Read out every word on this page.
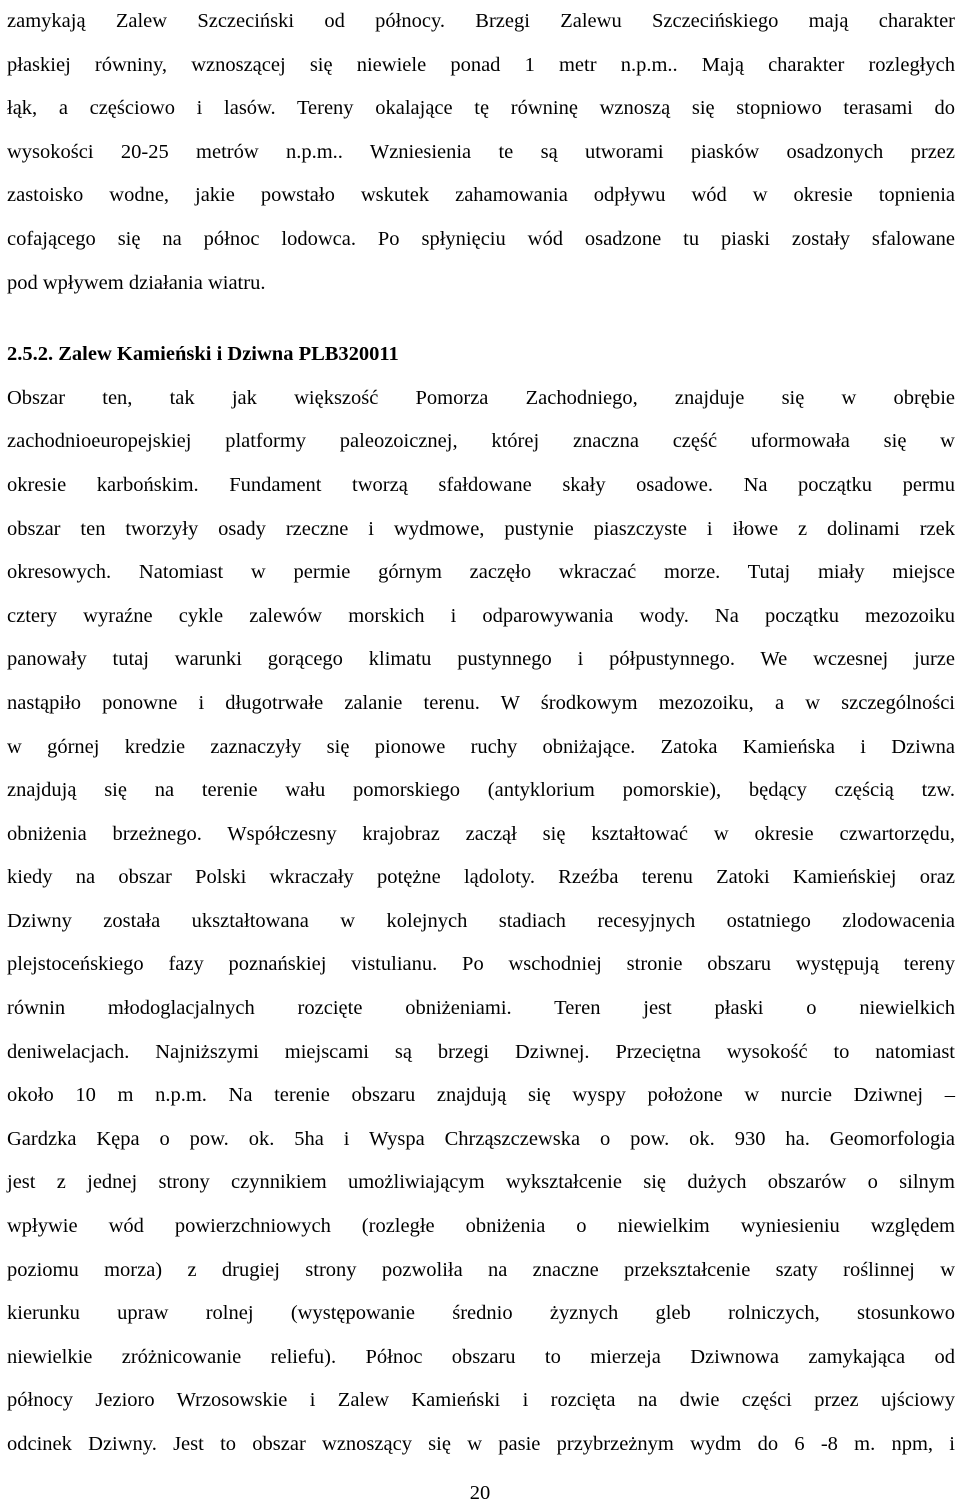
zamykają Zalew Szczeciński od północy. Brzegi Zalewu Szczecińskiego mają charakter
płaskiej równiny, wznoszącej się niewiele ponad 1 metr n.p.m.. Mają charakter rozległych
łąk, a częściowo i lasów. Tereny okalające tę równinę wznoszą się stopniowo terasami do
wysokości 20-25 metrów n.p.m.. Wzniesienia te są utworami piasków osadzonych przez
zastoisko wodne, jakie powstało wskutek zahamowania odpływu wód w okresie topnienia
cofającego się na północ lodowca. Po spłynięciu wód osadzone tu piaski zostały sfalowane
pod wpływem działania wiatru.
2.5.2. Zalew Kamieński i Dziwna PLB320011
Obszar ten, tak jak większość Pomorza Zachodniego, znajduje się w obrębie
zachodnioeuropejskiej platformy paleozoicznej, której znaczna część uformowała się w
okresie karbońskim. Fundament tworzą sfałdowane skały osadowe. Na początku permu
obszar ten tworzyły osady rzeczne i wydmowe, pustynie piaszczyste i iłowe z dolinami rzek
okresowych. Natomiast w permie górnym zaczęło wkraczać morze. Tutaj miały miejsce
cztery wyraźne cykle zalewów morskich i odparowywania wody. Na początku mezozoiku
panowały tutaj warunki gorącego klimatu pustynnego i półpustynnego. We wczesnej jurze
nastąpiło ponowne i długotrwałe zalanie terenu. W środkowym mezozoiku, a w szczególności
w górnej kredzie zaznaczyły się pionowe ruchy obniżające. Zatoka Kamieńska i Dziwna
znajdują się na terenie wału pomorskiego (antyklorium pomorskie), będący częścią tzw.
obniżenia brzeżnego. Współczesny krajobraz zaczął się kształtować w okresie czwartorzędu,
kiedy na obszar Polski wkraczały potężne lądoloty. Rzeźba terenu Zatoki Kamieńskiej oraz
Dziwny została ukształtowana w kolejnych stadiach recesyjnych ostatniego zlodowacenia
plejstoceńskiego fazy poznańskiej vistulianu. Po wschodniej stronie obszaru występują tereny
równin młodoglacjalnych rozcięte obniżeniami. Teren jest płaski o niewielkich
deniwelacjach. Najniższymi miejscami są brzegi Dziwnej. Przeciętna wysokość to natomiast
około 10 m n.p.m. Na terenie obszaru znajdują się wyspy położone w nurcie Dziwnej –
Gardzka Kępa o pow. ok. 5ha i Wyspa Chrząszczewska o pow. ok. 930 ha. Geomorfologia
jest z jednej strony czynnikiem umożliwiającym wykształcenie się dużych obszarów o silnym
wpływie wód powierzchniowych (rozległe obniżenia o niewielkim wyniesieniu względem
poziomu morza) z drugiej strony pozwoliła na znaczne przekształcenie szaty roślinnej w
kierunku upraw rolnej (występowanie średnio żyznych gleb rolniczych, stosunkowo
niewielkie zróżnicowanie reliefu). Północ obszaru to mierzeja Dziwnowa zamykająca od
północy Jezioro Wrzosowskie i Zalew Kamieński i rozcięta na dwie części przez ujściowy
odcinek Dziwny. Jest to obszar wznoszący się w pasie przybrzeżnym wydm do 6 -8 m. npm, i
20
